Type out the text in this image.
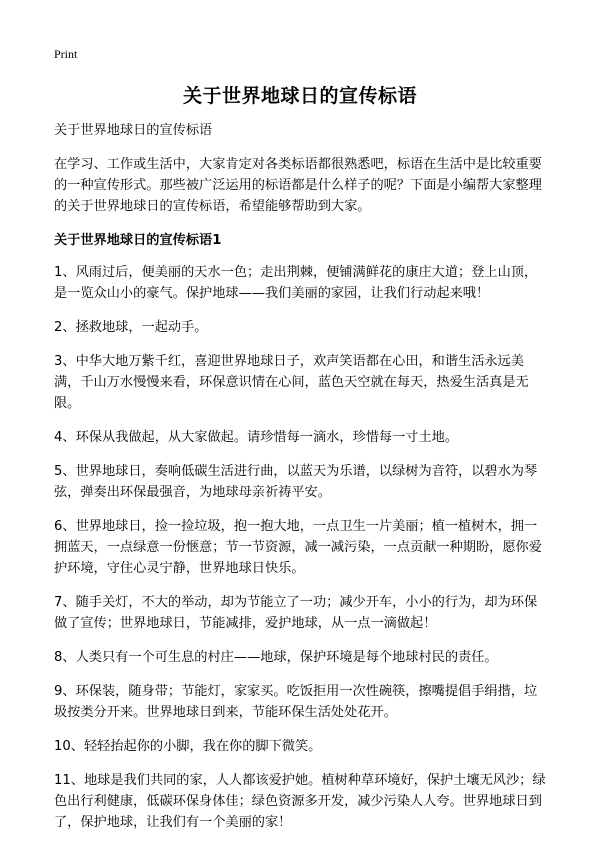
Print
关于世界地球日的宣传标语

关于世界地球日的宣传标语

在学习、工作或生活中，大家肯定对各类标语都很熟悉吧，标语在生活中是比较重要的一种宣传形式。那些被广泛运用的标语都是什么样子的呢？下面是小编帮大家整理的关于世界地球日的宣传标语，希望能够帮助到大家。

关于世界地球日的宣传标语1

1、风雨过后，便美丽的天水一色；走出荆棘，便铺满鲜花的康庄大道；登上山顶，是一览众山小的豪气。保护地球——我们美丽的家园，让我们行动起来哦！

2、拯救地球，一起动手。

3、中华大地万紫千红，喜迎世界地球日子，欢声笑语都在心田，和谐生活永远美满，千山万水慢慢来看，环保意识情在心间，蓝色天空就在每天，热爱生活真是无限。

4、环保从我做起，从大家做起。请珍惜每一滴水，珍惜每一寸土地。

5、世界地球日，奏响低碳生活进行曲，以蓝天为乐谱，以绿树为音符，以碧水为琴弦，弹奏出环保最强音，为地球母亲祈祷平安。

6、世界地球日，捡一捡垃圾，抱一抱大地，一点卫生一片美丽；植一植树木，拥一拥蓝天，一点绿意一份惬意；节一节资源，减一减污染，一点贡献一种期盼，愿你爱护环境，守住心灵宁静，世界地球日快乐。

7、随手关灯，不大的举动，却为节能立了一功；减少开车，小小的行为，却为环保做了宣传；世界地球日，节能减排，爱护地球，从一点一滴做起！

8、人类只有一个可生息的村庄——地球，保护环境是每个地球村民的责任。

9、环保装，随身带；节能灯，家家买。吃饭拒用一次性碗筷，擦嘴提倡手绢揩，垃圾按类分开来。世界地球日到来，节能环保生活处处花开。

10、轻轻抬起你的小脚，我在你的脚下微笑。

11、地球是我们共同的家，人人都该爱护她。植树种草环境好，保护土壤无风沙；绿色出行利健康，低碳环保身体佳；绿色资源多开发，减少污染人人夸。世界地球日到了，保护地球，让我们有一个美丽的家！
